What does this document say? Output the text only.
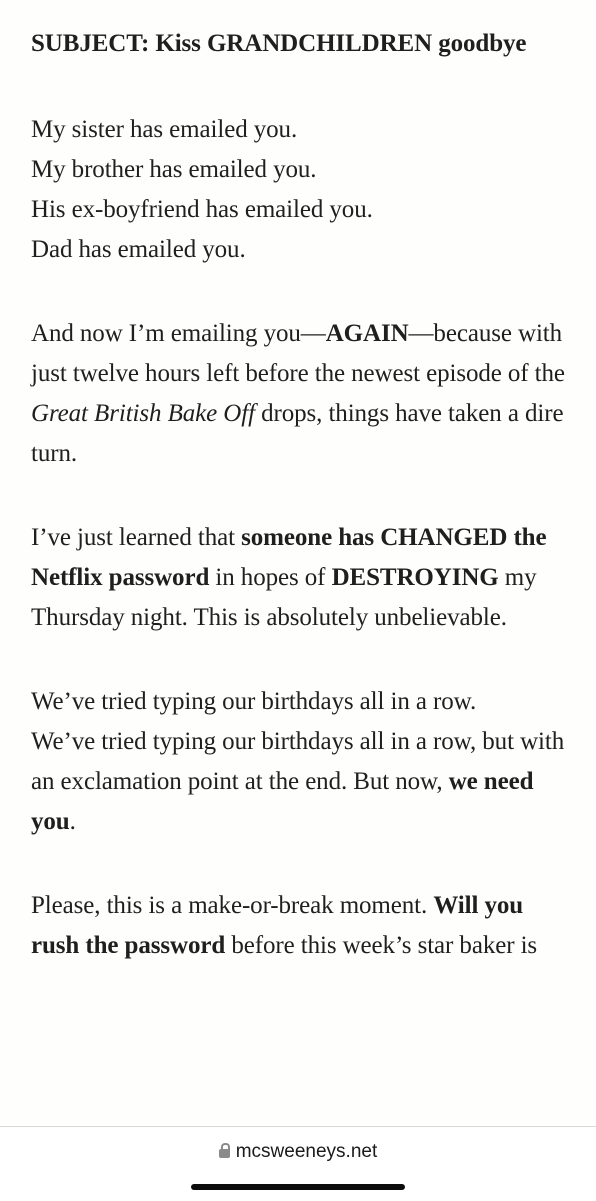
SUBJECT: Kiss GRANDCHILDREN goodbye

My sister has emailed you.
My brother has emailed you.
His ex-boyfriend has emailed you.
Dad has emailed you.

And now I’m emailing you—AGAIN—because with just twelve hours left before the newest episode of the Great British Bake Off drops, things have taken a dire turn.

I’ve just learned that someone has CHANGED the Netflix password in hopes of DESTROYING my Thursday night. This is absolutely unbelievable.

We’ve tried typing our birthdays all in a row.
We’ve tried typing our birthdays all in a row, but with an exclamation point at the end. But now, we need you.

Please, this is a make-or-break moment. Will you rush the password before this week’s star baker is

mcsweeneys.net
